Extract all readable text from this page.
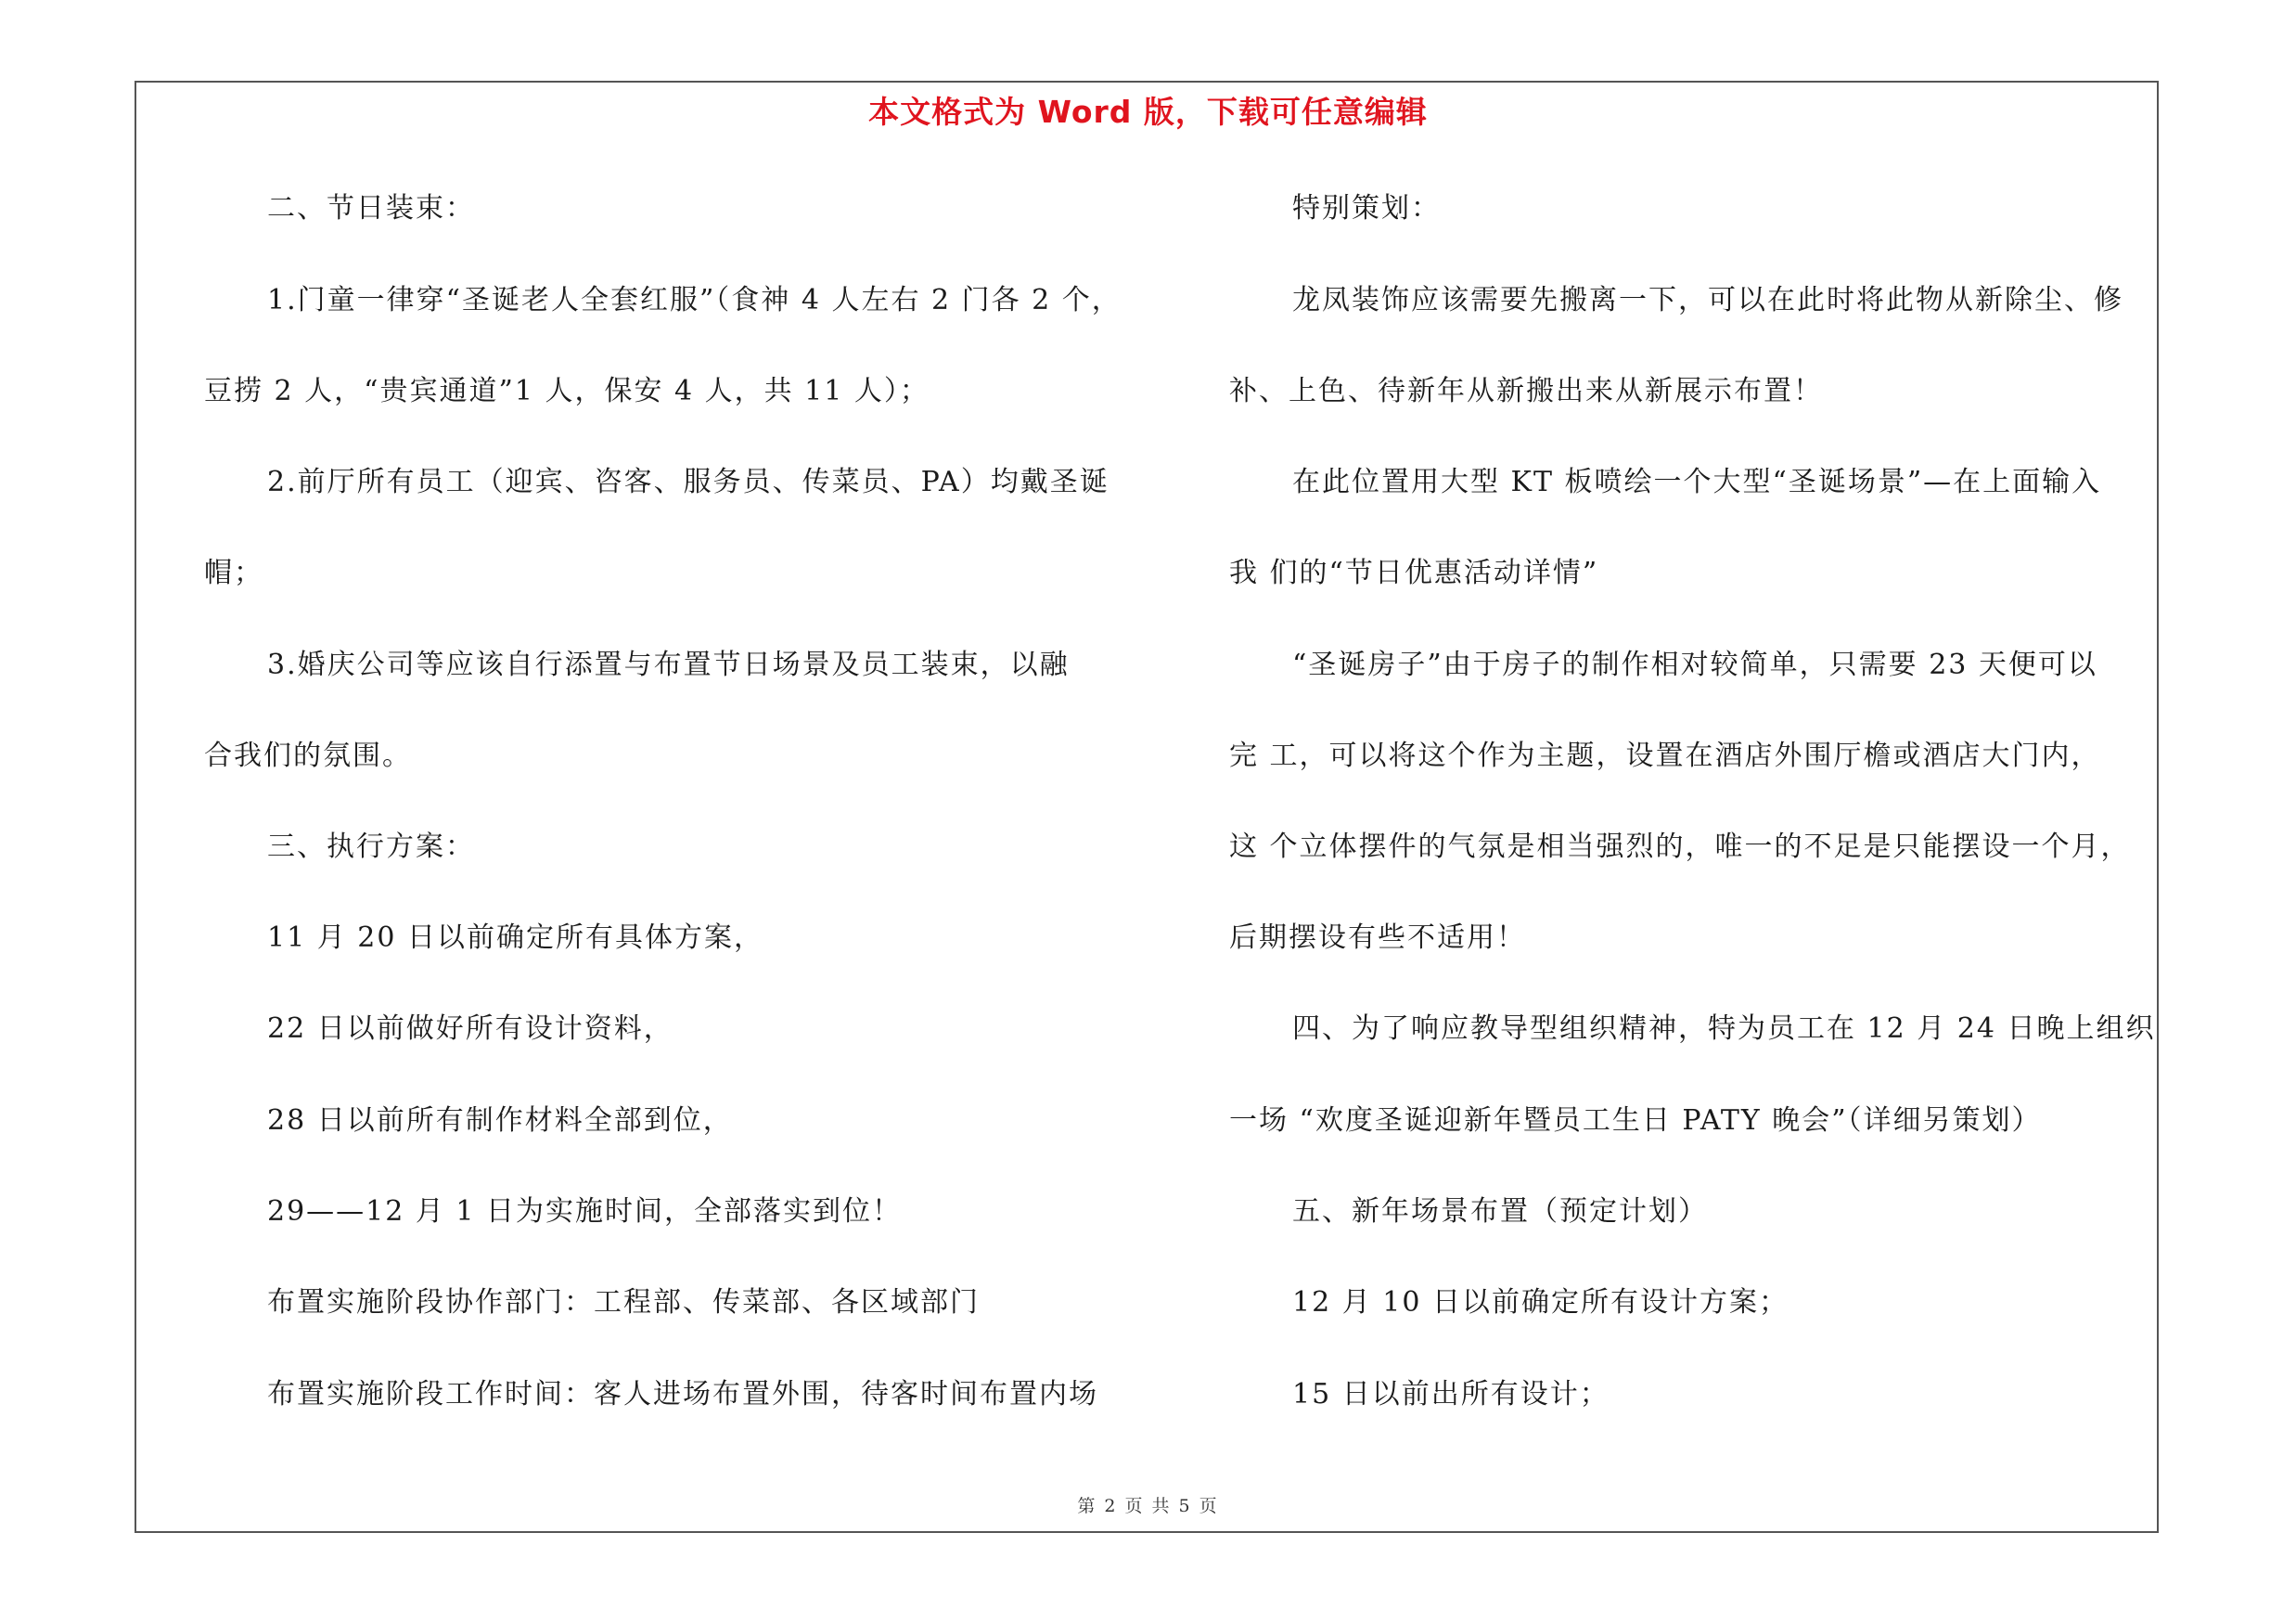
本文格式为 Word 版，下载可任意编辑
二、节日装束：
1.门童一律穿“圣诞老人全套红服”（食神 4 人左右 2 门各 2 个，
豆捞 2 人，“贵宾通道”1 人，保安 4 人，共 11 人）；
2.前厅所有员工（迎宾、咨客、服务员、传菜员、PA）均戴圣诞
帽；
3.婚庆公司等应该自行添置与布置节日场景及员工装束，以融
合我们的氛围。
三、执行方案：
11 月 20 日以前确定所有具体方案，
22 日以前做好所有设计资料，
28 日以前所有制作材料全部到位，
29——12 月 1 日为实施时间，全部落实到位！
布置实施阶段协作部门：工程部、传菜部、各区域部门
布置实施阶段工作时间：客人进场布置外围，待客时间布置内场
特别策划：
龙凤装饰应该需要先搬离一下，可以在此时将此物从新除尘、修
补、上色、待新年从新搬出来从新展示布置！
在此位置用大型 KT 板喷绘一个大型“圣诞场景”—在上面输入
我 们的“节日优惠活动详情”
“圣诞房子”由于房子的制作相对较简单，只需要 23 天便可以
完 工，可以将这个作为主题，设置在酒店外围厅檐或酒店大门内，
这 个立体摆件的气氛是相当强烈的，唯一的不足是只能摆设一个月，
后期摆设有些不适用！
四、为了响应教导型组织精神，特为员工在 12 月 24 日晚上组织
一场 “欢度圣诞迎新年暨员工生日 PATY 晚会”（详细另策划）
五、新年场景布置（预定计划）
12 月 10 日以前确定所有设计方案；
15 日以前出所有设计；
第 2 页 共 5 页
